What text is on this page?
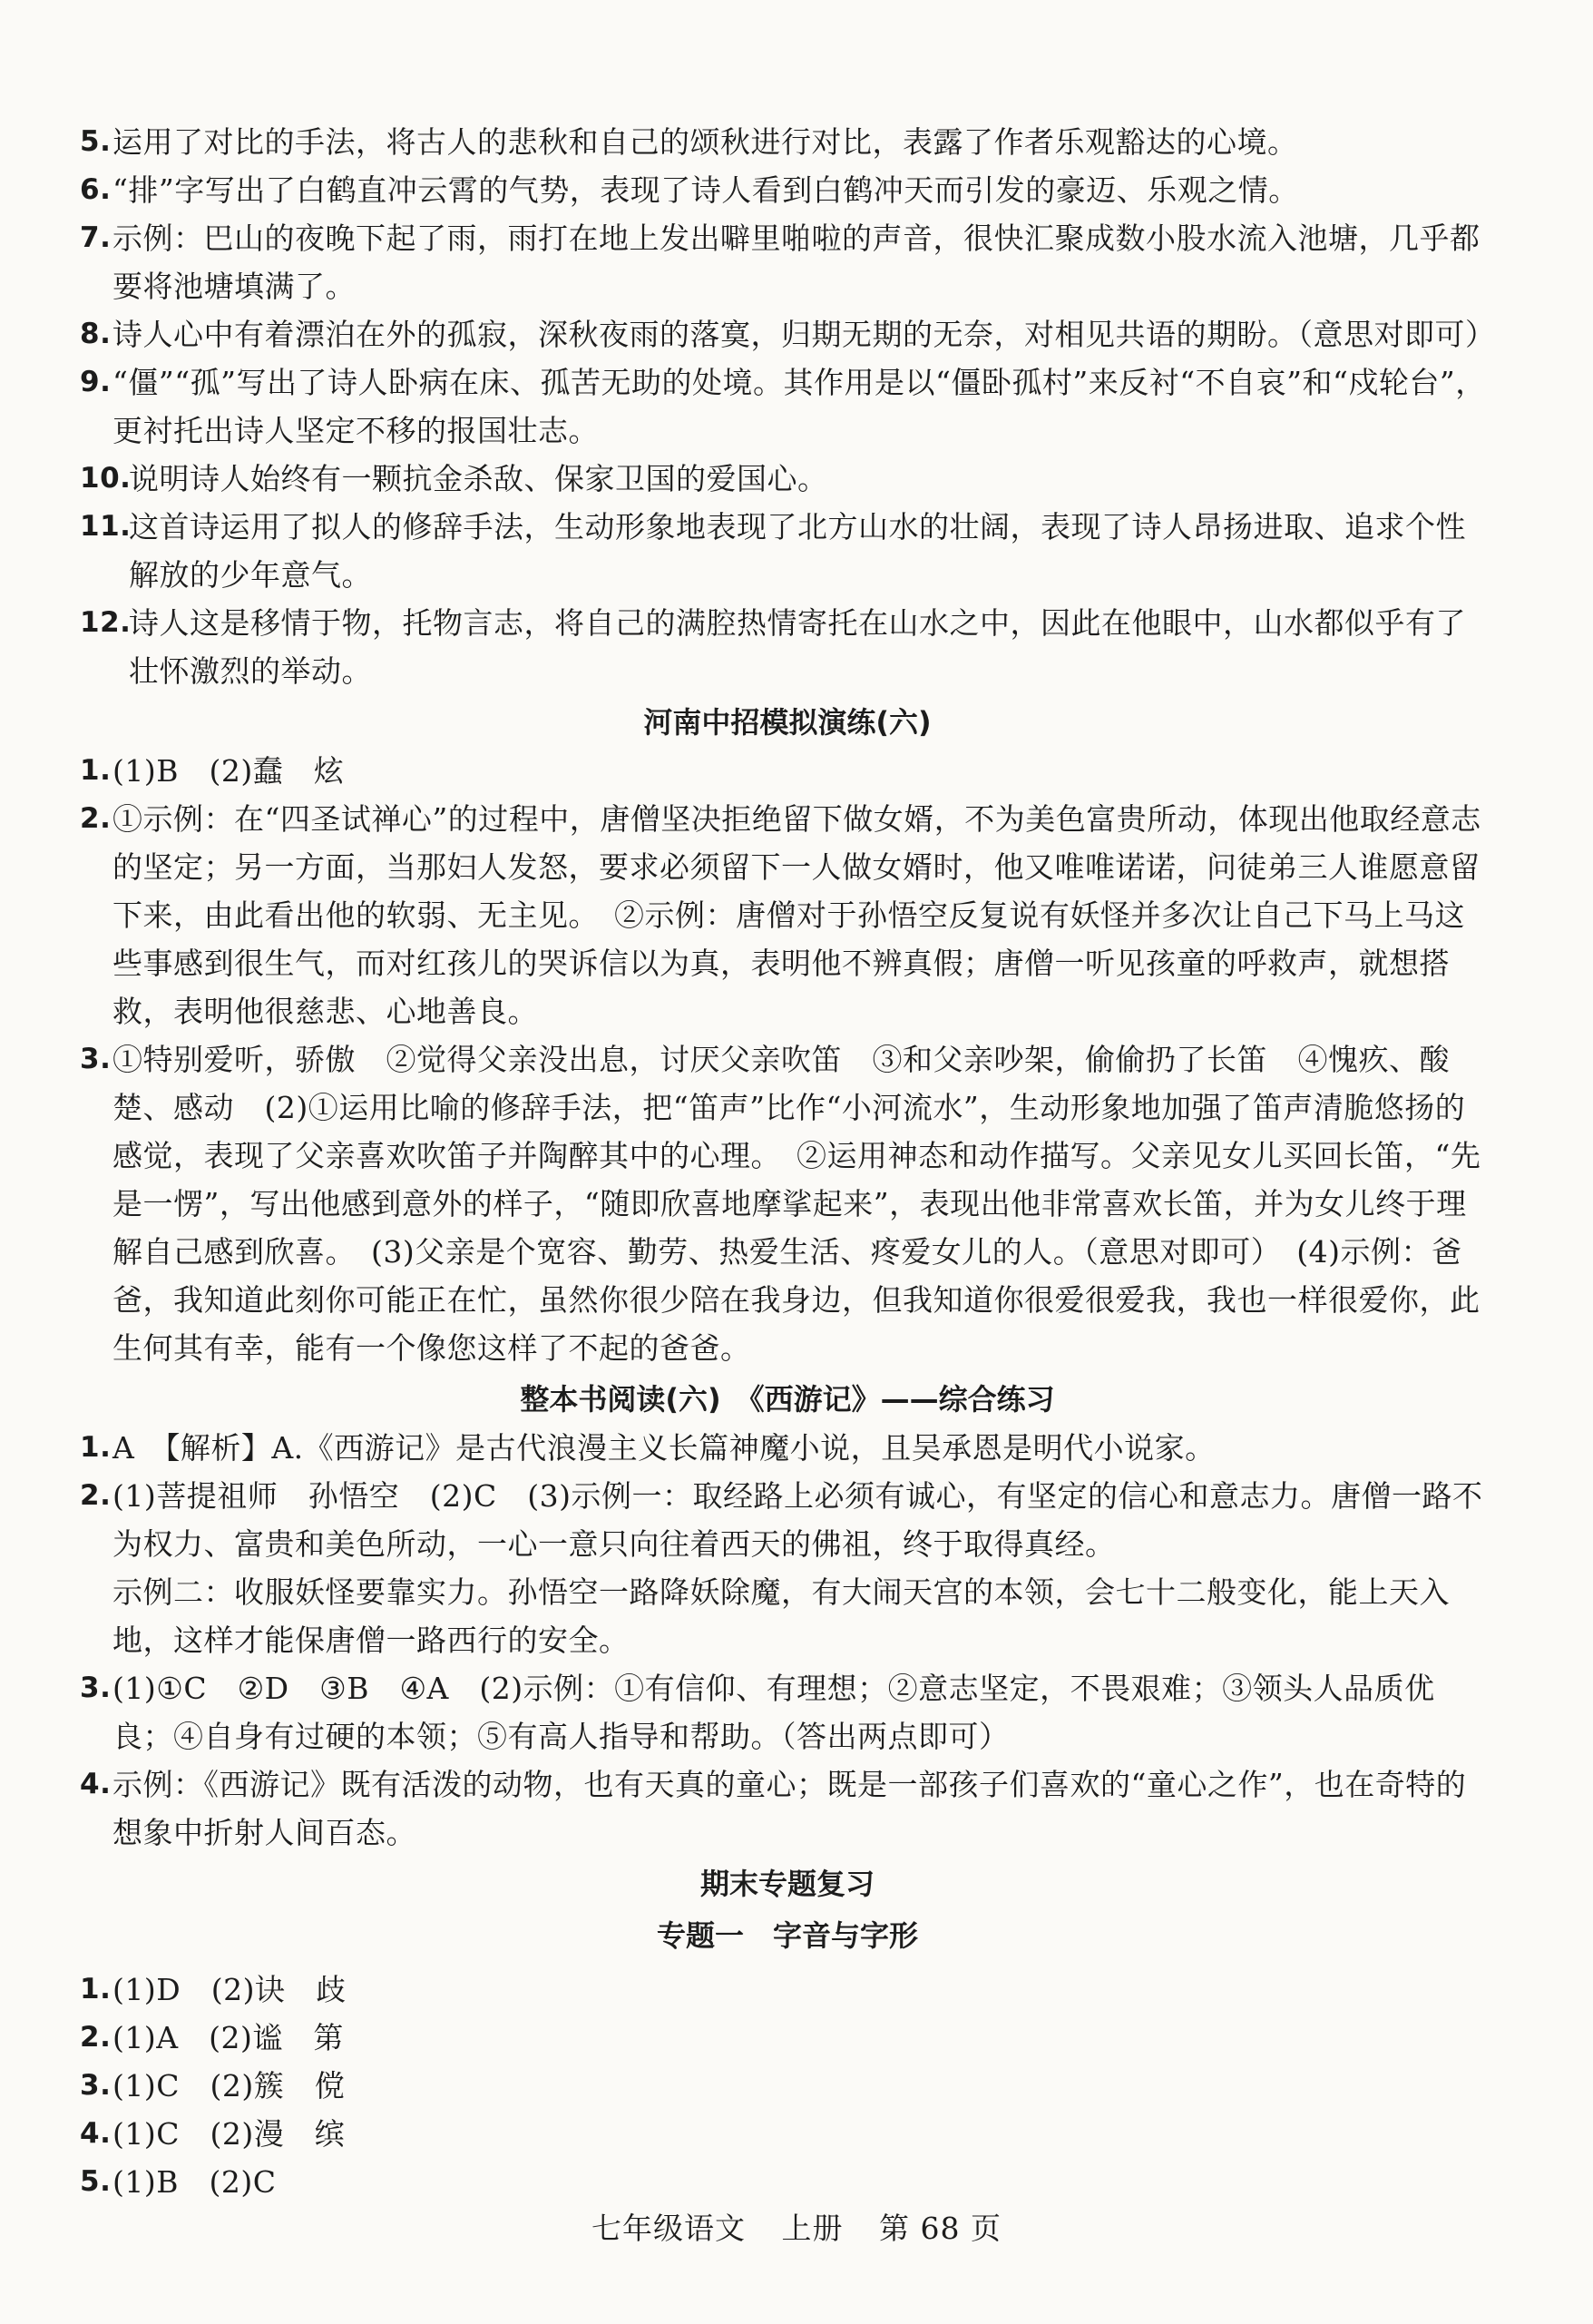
5. 运用了对比的手法，将古人的悲秋和自己的颂秋进行对比，表露了作者乐观豁达的心境。
6. “排”字写出了白鹤直冲云霄的气势，表现了诗人看到白鹤冲天而引发的豪迈、乐观之情。
7. 示例：巴山的夜晚下起了雨，雨打在地上发出噼里啪啦的声音，很快汇聚成数小股水流入池塘，几乎都要将池塘填满了。
8. 诗人心中有着漂泊在外的孤寂，深秋夜雨的落寞，归期无期的无奈，对相见共语的期盼。（意思对即可）
9. “僵”“孤”写出了诗人卧病在床、孤苦无助的处境。其作用是以“僵卧孤村”来反衬“不自哀”和“戍轮台”，更衬托出诗人坚定不移的报国壮志。
10.
说明诗人始终有一颗抗金杀敌、保家卫国的爱国心。
11.
这首诗运用了拟人的修辞手法，生动形象地表现了北方山水的壮阔，表现了诗人昂扬进取、追求个性解放的少年意气。
12.
诗人这是移情于物，托物言志，将自己的满腔热情寄托在山水之中，因此在他眼中，山水都似乎有了壮怀激烈的举动。
河南中招模拟演练(六)
1. (1)B　(2)蠢　炫
2. ①示例：在“四圣试禅心”的过程中，唐僧坚决拒绝留下做女婿，不为美色富贵所动，体现出他取经意志的坚定；另一方面，当那妇人发怒，要求必须留下一人做女婿时，他又唯唯诺诺，问徒弟三人谁愿意留下来，由此看出他的软弱、无主见。　②示例：唐僧对于孙悟空反复说有妖怪并多次让自己下马上马这些事感到很生气，而对红孩儿的哭诉信以为真，表明他不辨真假；唐僧一听见孩童的呼救声，就想搭救，表明他很慈悲、心地善良。
3. ①特别爱听，骄傲　②觉得父亲没出息，讨厌父亲吹笛　③和父亲吵架，偷偷扔了长笛　④愧疚、酸楚、感动　(2)①运用比喻的修辞手法，把“笛声”比作“小河流水”，生动形象地加强了笛声清脆悠扬的感觉，表现了父亲喜欢吹笛子并陶醉其中的心理。　②运用神态和动作描写。父亲见女儿买回长笛，“先是一愣”，写出他感到意外的样子，“随即欣喜地摩挲起来”，表现出他非常喜欢长笛，并为女儿终于理解自己感到欣喜。　(3)父亲是个宽容、勤劳、热爱生活、疼爱女儿的人。（意思对即可）　(4)示例：爸爸，我知道此刻你可能正在忙，虽然你很少陪在我身边，但我知道你很爱很爱我，我也一样很爱你，此生何其有幸，能有一个像您这样了不起的爸爸。
整本书阅读(六)　《西游记》——综合练习
1. A　【解析】A.《西游记》是古代浪漫主义长篇神魔小说，且吴承恩是明代小说家。
2. (1)菩提祖师　孙悟空　(2)C　(3)示例一：取经路上必须有诚心，有坚定的信心和意志力。唐僧一路不为权力、富贵和美色所动，一心一意只向往着西天的佛祖，终于取得真经。
示例二：收服妖怪要靠实力。孙悟空一路降妖除魔，有大闹天宫的本领，会七十二般变化，能上天入地，这样才能保唐僧一路西行的安全。
3. (1)①C　②D　③B　④A　(2)示例：①有信仰、有理想；②意志坚定，不畏艰难；③领头人品质优良；④自身有过硬的本领；⑤有高人指导和帮助。（答出两点即可）
4. 示例：《西游记》既有活泼的动物，也有天真的童心；既是一部孩子们喜欢的“童心之作”，也在奇特的想象中折射人间百态。
期末专题复习
专题一　字音与字形
1. (1)D　(2)诀　歧
2. (1)A　(2)谧　第
3. (1)C　(2)簇　傥
4. (1)C　(2)漫　缤
5. (1)B　(2)C
七年级语文 上册 第 68 页
